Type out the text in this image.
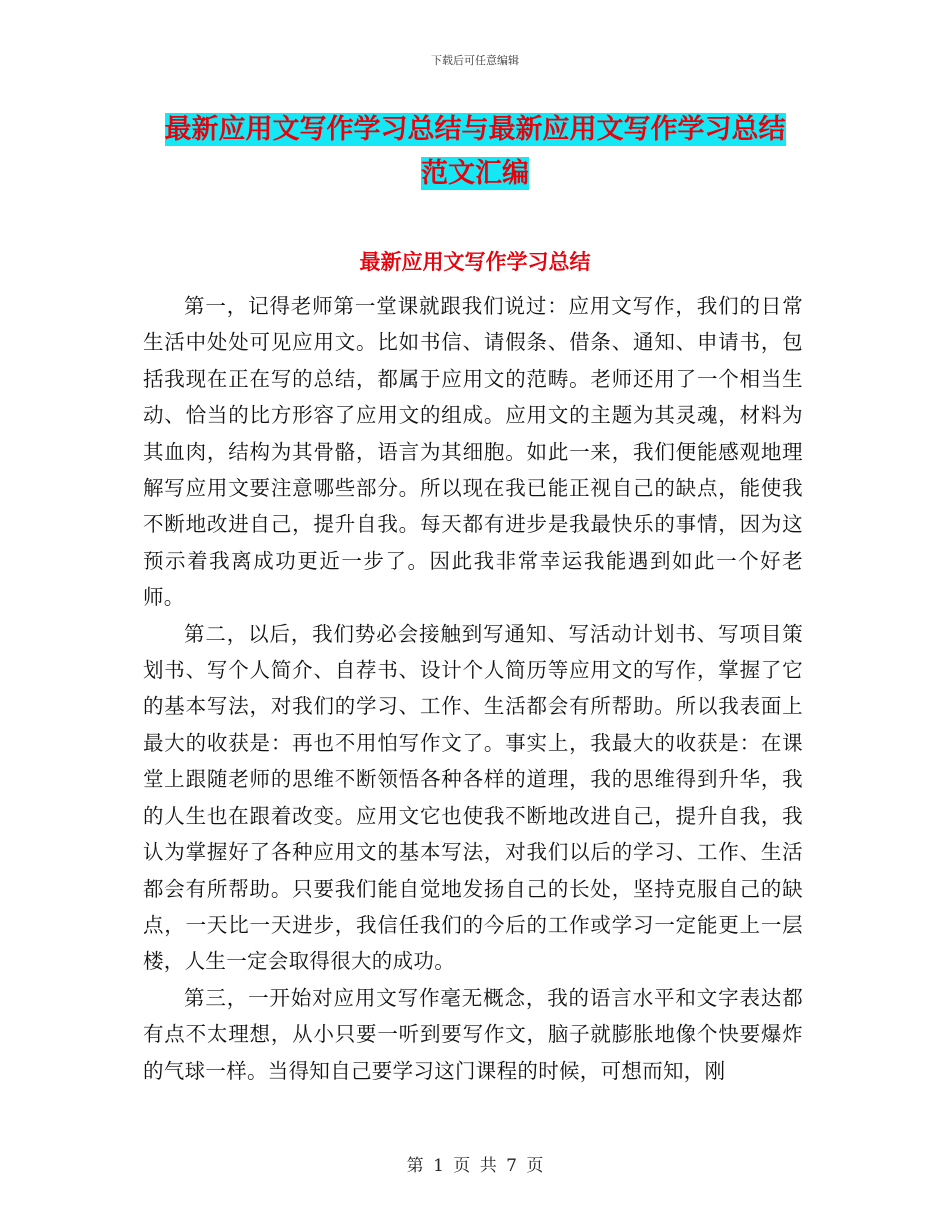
下载后可任意编辑
最新应用文写作学习总结与最新应用文写作学习总结
范文汇编
最新应用文写作学习总结

第一，记得老师第一堂课就跟我们说过：应用文写作，我们的日常生活中处处可见应用文。比如书信、请假条、借条、通知、申请书，包括我现在正在写的总结，都属于应用文的范畴。老师还用了一个相当生动、恰当的比方形容了应用文的组成。应用文的主题为其灵魂，材料为其血肉，结构为其骨骼，语言为其细胞。如此一来，我们便能感观地理解写应用文要注意哪些部分。所以现在我已能正视自己的缺点，能使我不断地改进自己，提升自我。每天都有进步是我最快乐的事情，因为这预示着我离成功更近一步了。因此我非常幸运我能遇到如此一个好老师。

第二，以后，我们势必会接触到写通知、写活动计划书、写项目策划书、写个人简介、自荐书、设计个人简历等应用文的写作，掌握了它的基本写法，对我们的学习、工作、生活都会有所帮助。所以我表面上最大的收获是：再也不用怕写作文了。事实上，我最大的收获是：在课堂上跟随老师的思维不断领悟各种各样的道理，我的思维得到升华，我的人生也在跟着改变。应用文它也使我不断地改进自己，提升自我，我认为掌握好了各种应用文的基本写法，对我们以后的学习、工作、生活都会有所帮助。只要我们能自觉地发扬自己的长处，坚持克服自己的缺点，一天比一天进步，我信任我们的今后的工作或学习一定能更上一层楼，人生一定会取得很大的成功。

第三，一开始对应用文写作毫无概念，我的语言水平和文字表达都有点不太理想，从小只要一听到要写作文，脑子就膨胀地像个快要爆炸的气球一样。当得知自己要学习这门课程的时候，可想而知，刚

第 1 页 共 7 页
